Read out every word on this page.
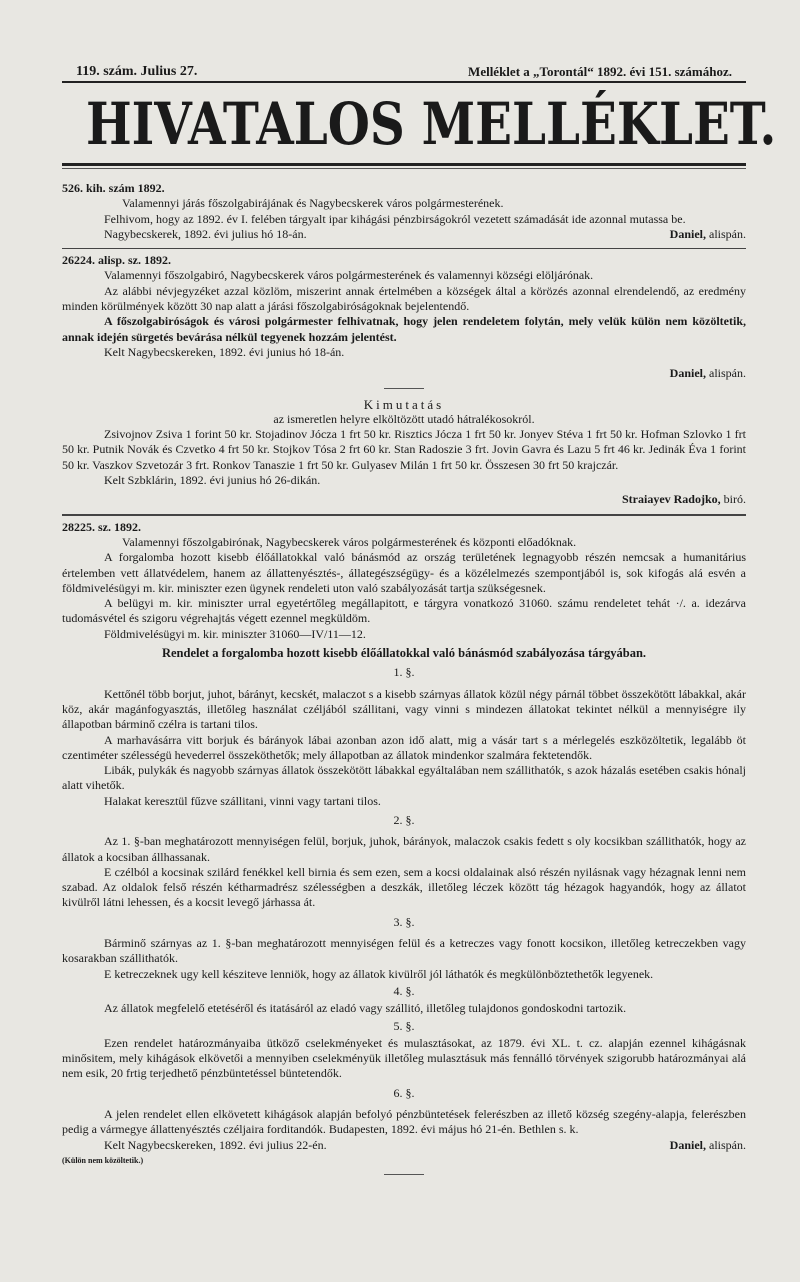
119. szám. Julius 27.	Melléklet a „Torontál“ 1892. évi 151. számához.
HIVATALOS MELLÉKLET.
526. kih. szám 1892.

Valamennyi járás főszolgabirájának és Nagybecskerek város polgármesterének.

Felhivom, hogy az 1892. év I. felében tárgyalt ipar kihágási pénzbirságokról vezetett számadását ide azonnal mutassa be.

Nagybecskerek, 1892. évi julius hó 18-án.	Daniel, alispán.
26224. alisp. sz. 1892.

Valamennyi főszolgabiró, Nagybecskerek város polgármesterének és valamennyi községi elöljárónak.

Az alábbi névjegyzéket azzal közlöm, miszerint annak értelmében a községek által a körözés azonnal elrendelendő, az eredmény minden körülmények között 30 nap alatt a járási főszolgabiróságoknak bejelentendő.

A főszolgabiróságok és városi polgármester felhivatnak, hogy jelen rendeletem folytán, mely velük külön nem közöltetik, annak idején sürgetés bevárása nélkül tegyenek hozzám jelentést.

Kelt Nagybecskereken, 1892. évi junius hó 18-án.

Daniel, alispán.

Kimutatás

az ismeretlen helyre elköltözött utadó hátralékosokról.

Zsivojnov Zsiva 1 forint 50 kr. Stojadinov Jócza 1 frt 50 kr. Risztics Jócza 1 frt 50 kr. Jonyev Stéva 1 frt 50 kr. Hofman Szlovko 1 frt 50 kr. Putnik Novák és Czvetko 4 frt 50 kr. Stojkov Tósa 2 frt 60 kr. Stan Radoszie 3 frt. Jovin Gavra és Lazu 5 frt 46 kr. Jedinák Éva 1 forint 50 kr. Vaszkov Szvetozár 3 frt. Ronkov Tanaszie 1 frt 50 kr. Gulyasev Milán 1 frt 50 kr. Összesen 30 frt 50 krajczár.

Kelt Szbklárin, 1892. évi junius hó 26-dikán.

Straiayev Radojko, biró.

28225. sz. 1892.

Valamennyi főszolgabirónak, Nagybecskerek város polgármesterének és központi előadóknak.

A forgalomba hozott kisebb élőállatokkal való bánásmód az ország területének legnagyobb részén nemcsak a humanitárius értelemben vett állatvédelem, hanem az állattenyésztés-, állategészségügy- és a közélelmezés szempontjából is, sok kifogás alá esvén a földmivelésügyi m. kir. miniszter ezen ügynek rendeleti uton való szabályozását tartja szükségesnek.

A belügyi m. kir. miniszter urral egyetértőleg megállapitott, e tárgyra vonatkozó 31060. számu rendeletet tehát ·/. a. idezárva tudomásvétel és szigoru végrehajtás végett ezennel megküldöm.

Földmivelésügyi m. kir. miniszter 31060—IV/11—12.

Rendelet a forgalomba hozott kisebb élőállatokkal való bánásmód szabályozása tárgyában.

1. §.

Kettőnél több borjut, juhot, bárányt, kecskét, malaczot s a kisebb szárnyas állatok közül négy párnál többet összekötött lábakkal, akár köz, akár magánfogyasztás, illetőleg használat czéljából szállitani, vagy vinni s mindezen állatokat tekintet nélkül a mennyiségre ily állapotban bárminő czélra is tartani tilos.

A marhavásárra vitt borjuk és bárányok lábai azonban azon idő alatt, mig a vásár tart s a mérlegelés eszközöltetik, legalább öt czentiméter szélességü hevederrel összeköthetők; mely állapotban az állatok mindenkor szalmára fektetendők.

Libák, pulykák és nagyobb szárnyas állatok összekötött lábakkal egyáltalában nem szállithatók, s azok házalás esetében csakis hónalj alatt vihetők.

Halakat keresztül fűzve szállitani, vinni vagy tartani tilos.

2. §.

Az 1. §-ban meghatározott mennyiségen felül, borjuk, juhok, bárányok, malaczok csakis fedett s oly kocsikban szállithatók, hogy az állatok a kocsiban állhassanak.

E czélból a kocsinak szilárd fenékkel kell birnia és sem ezen, sem a kocsi oldalainak alsó részén nyilásnak vagy hézagnak lenni nem szabad. Az oldalok felső részén kétharmadrész szélességben a deszkák, illetőleg léczek között tág hézagok hagyandók, hogy az állatot kivülről látni lehessen, és a kocsit levegő járhassa át.

3. §.

Bárminő szárnyas az 1. §-ban meghatározott mennyiségen felül és a ketreczes vagy fonott kocsikon, illetőleg ketreczekben vagy kosarakban szállithatók.

E ketreczeknek ugy kell késziteve lenniök, hogy az állatok kivülről jól láthatók és megkülönböztethetők legyenek.

4. §.

Az állatok megfelelő etetéséről és itatásáról az eladó vagy szállitó, illetőleg tulajdonos gondoskodni tartozik.

5. §.

Ezen rendelet határozmányaiba ütköző cselekményeket és mulasztásokat, az 1879. évi XL. t. cz. alapján ezennel kihágásnak minősitem, mely kihágások elkövetői a mennyiben cselekményük illetőleg mulasztásuk más fennálló törvények szigorubb határozmányai alá nem esik, 20 frtig terjedhető pénzbüntetéssel büntetendők.

6. §.

A jelen rendelet ellen elkövetett kihágások alapján befolyó pénzbüntetések felerészben az illető község szegény-alapja, felerészben pedig a vármegye állattenyésztés czéljaira forditandók. Budapesten, 1892. évi május hó 21-én. Bethlen s. k.

Kelt Nagybecskereken, 1892. évi julius 22-én.	Daniel, alispán.

(Külön nem közöltetik.)
